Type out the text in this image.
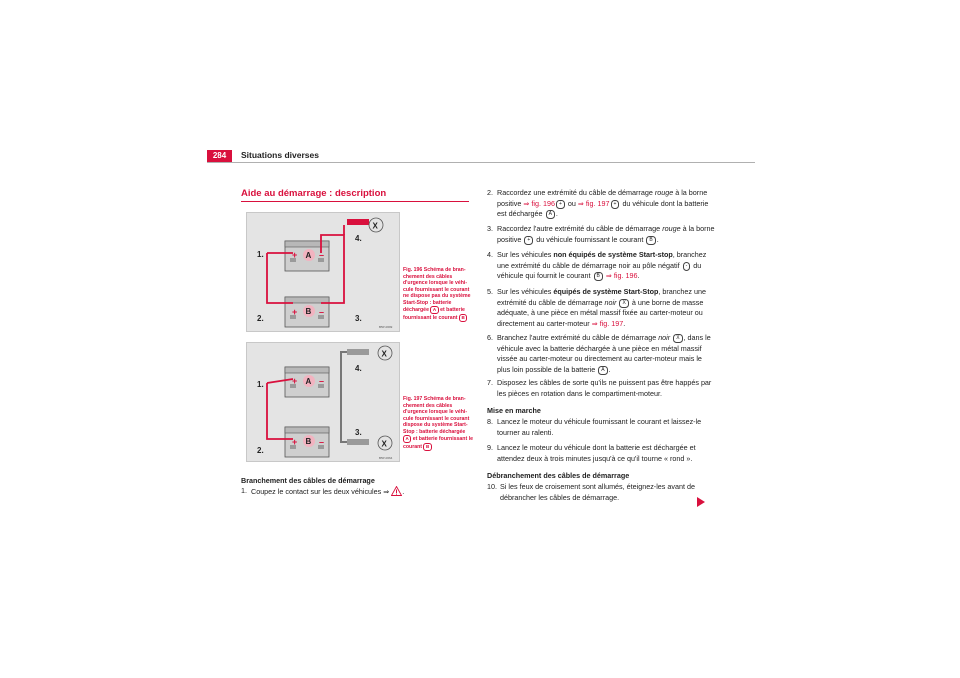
284	Situations diverses
Aide au démarrage : description
+ –
A
+ –
B
X
1.
2.	3.
4.
B5P-0699
Fig. 196 Schéma de bran-chement des câbles d'urgence lorsque le véhi-cule fournissant le courant ne dispose pas du système Start-Stop : batterie déchargée A et batterie fournissant le courant B
+ –
A
+ –
B
X
X
1.
2.
3.
4.
B5P-0664
Fig. 197 Schéma de bran-chement des câbles d'urgence lorsque le véhi-cule fournissant le courant dispose du système Start-Stop : batterie déchargée A et batterie fournissant le courant B
Branchement des câbles de démarrage
1. Coupez le contact sur les deux véhicules ⇒ .
2. Raccordez une extrémité du câble de démarrage rouge à la borne positive ⇒ fig. 196 + ou ⇒ fig. 197 + du véhicule dont la batterie est déchargée A .
3. Raccordez l'autre extrémité du câble de démarrage rouge à la borne positive + du véhicule fournissant le courant B .
4. Sur les véhicules non équipés de système Start-stop, branchez une extrémité du câble de démarrage noir au pôle négatif - du véhicule qui fournit le courant B ⇒ fig. 196.
5. Sur les véhicules équipés de système Start-Stop, branchez une extrémité du câble de démarrage noir X à une borne de masse adéquate, à une pièce en métal massif fixée au carter-moteur ou directement au carter-moteur ⇒ fig. 197.
6. Branchez l'autre extrémité du câble de démarrage noir X , dans le véhicule avec la batterie déchargée à une pièce en métal massif vissée au carter-moteur ou directement au carter-moteur mais le plus loin possible de la batterie A .
7. Disposez les câbles de sorte qu'ils ne puissent pas être happés par les pièces en rotation dans le compartiment-moteur.
Mise en marche
8. Lancez le moteur du véhicule fournissant le courant et laissez-le tourner au ralenti.
9. Lancez le moteur du véhicule dont la batterie est déchargée et attendez deux à trois minutes jusqu'à ce qu'il tourne « rond ».
Débranchement des câbles de démarrage
10. Si les feux de croisement sont allumés, éteignez-les avant de débrancher les câbles de démarrage.
